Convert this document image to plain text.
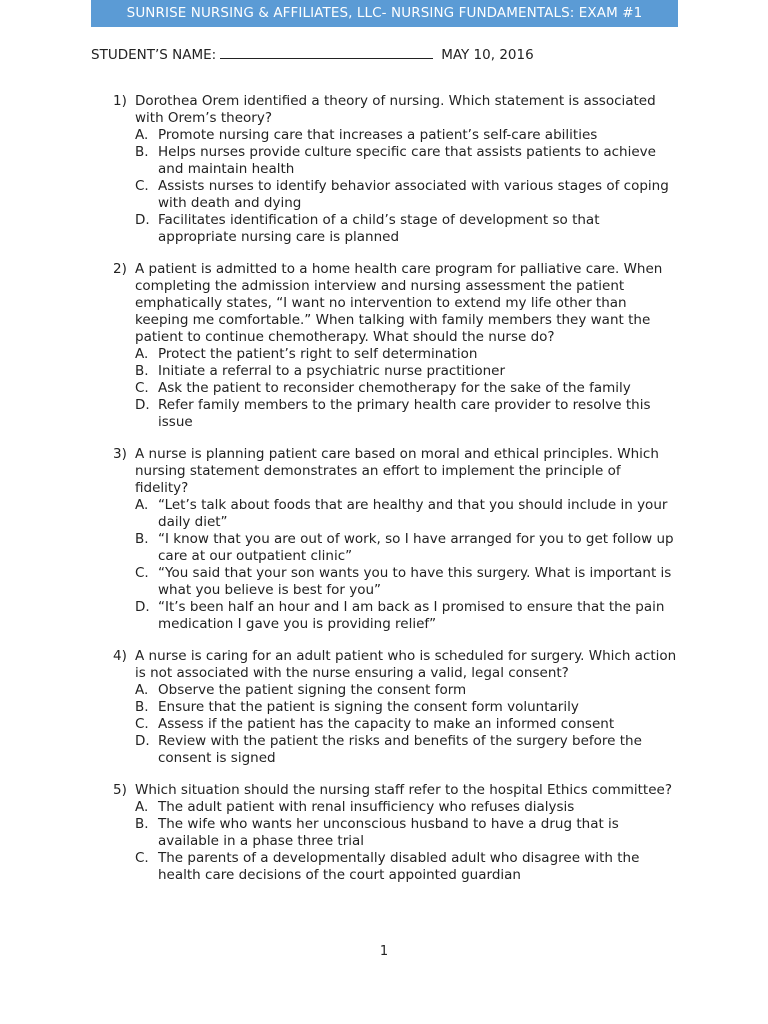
SUNRISE NURSING & AFFILIATES, LLC- NURSING FUNDAMENTALS: EXAM #1
STUDENT’S NAME:	MAY 10, 2016
1) Dorothea Orem identified a theory of nursing. Which statement is associated with Orem’s theory?
A. Promote nursing care that increases a patient’s self-care abilities
B. Helps nurses provide culture specific care that assists patients to achieve and maintain health
C. Assists nurses to identify behavior associated with various stages of coping with death and dying
D. Facilitates identification of a child’s stage of development so that appropriate nursing care is planned
2) A patient is admitted to a home health care program for palliative care. When completing the admission interview and nursing assessment the patient emphatically states, “I want no intervention to extend my life other than keeping me comfortable.” When talking with family members they want the patient to continue chemotherapy. What should the nurse do?
A. Protect the patient’s right to self determination
B. Initiate a referral to a psychiatric nurse practitioner
C. Ask the patient to reconsider chemotherapy for the sake of the family
D. Refer family members to the primary health care provider to resolve this issue
3) A nurse is planning patient care based on moral and ethical principles. Which nursing statement demonstrates an effort to implement the principle of fidelity?
A. “Let’s talk about foods that are healthy and that you should include in your daily diet”
B. “I know that you are out of work, so I have arranged for you to get follow up care at our outpatient clinic”
C. “You said that your son wants you to have this surgery. What is important is what you believe is best for you”
D. “It’s been half an hour and I am back as I promised to ensure that the pain medication I gave you is providing relief”
4) A nurse is caring for an adult patient who is scheduled for surgery. Which action is not associated with the nurse ensuring a valid, legal consent?
A. Observe the patient signing the consent form
B. Ensure that the patient is signing the consent form voluntarily
C. Assess if the patient has the capacity to make an informed consent
D. Review with the patient the risks and benefits of the surgery before the consent is signed
5) Which situation should the nursing staff refer to the hospital Ethics committee?
A. The adult patient with renal insufficiency who refuses dialysis
B. The wife who wants her unconscious husband to have a drug that is available in a phase three trial
C. The parents of a developmentally disabled adult who disagree with the health care decisions of the court appointed guardian
1
